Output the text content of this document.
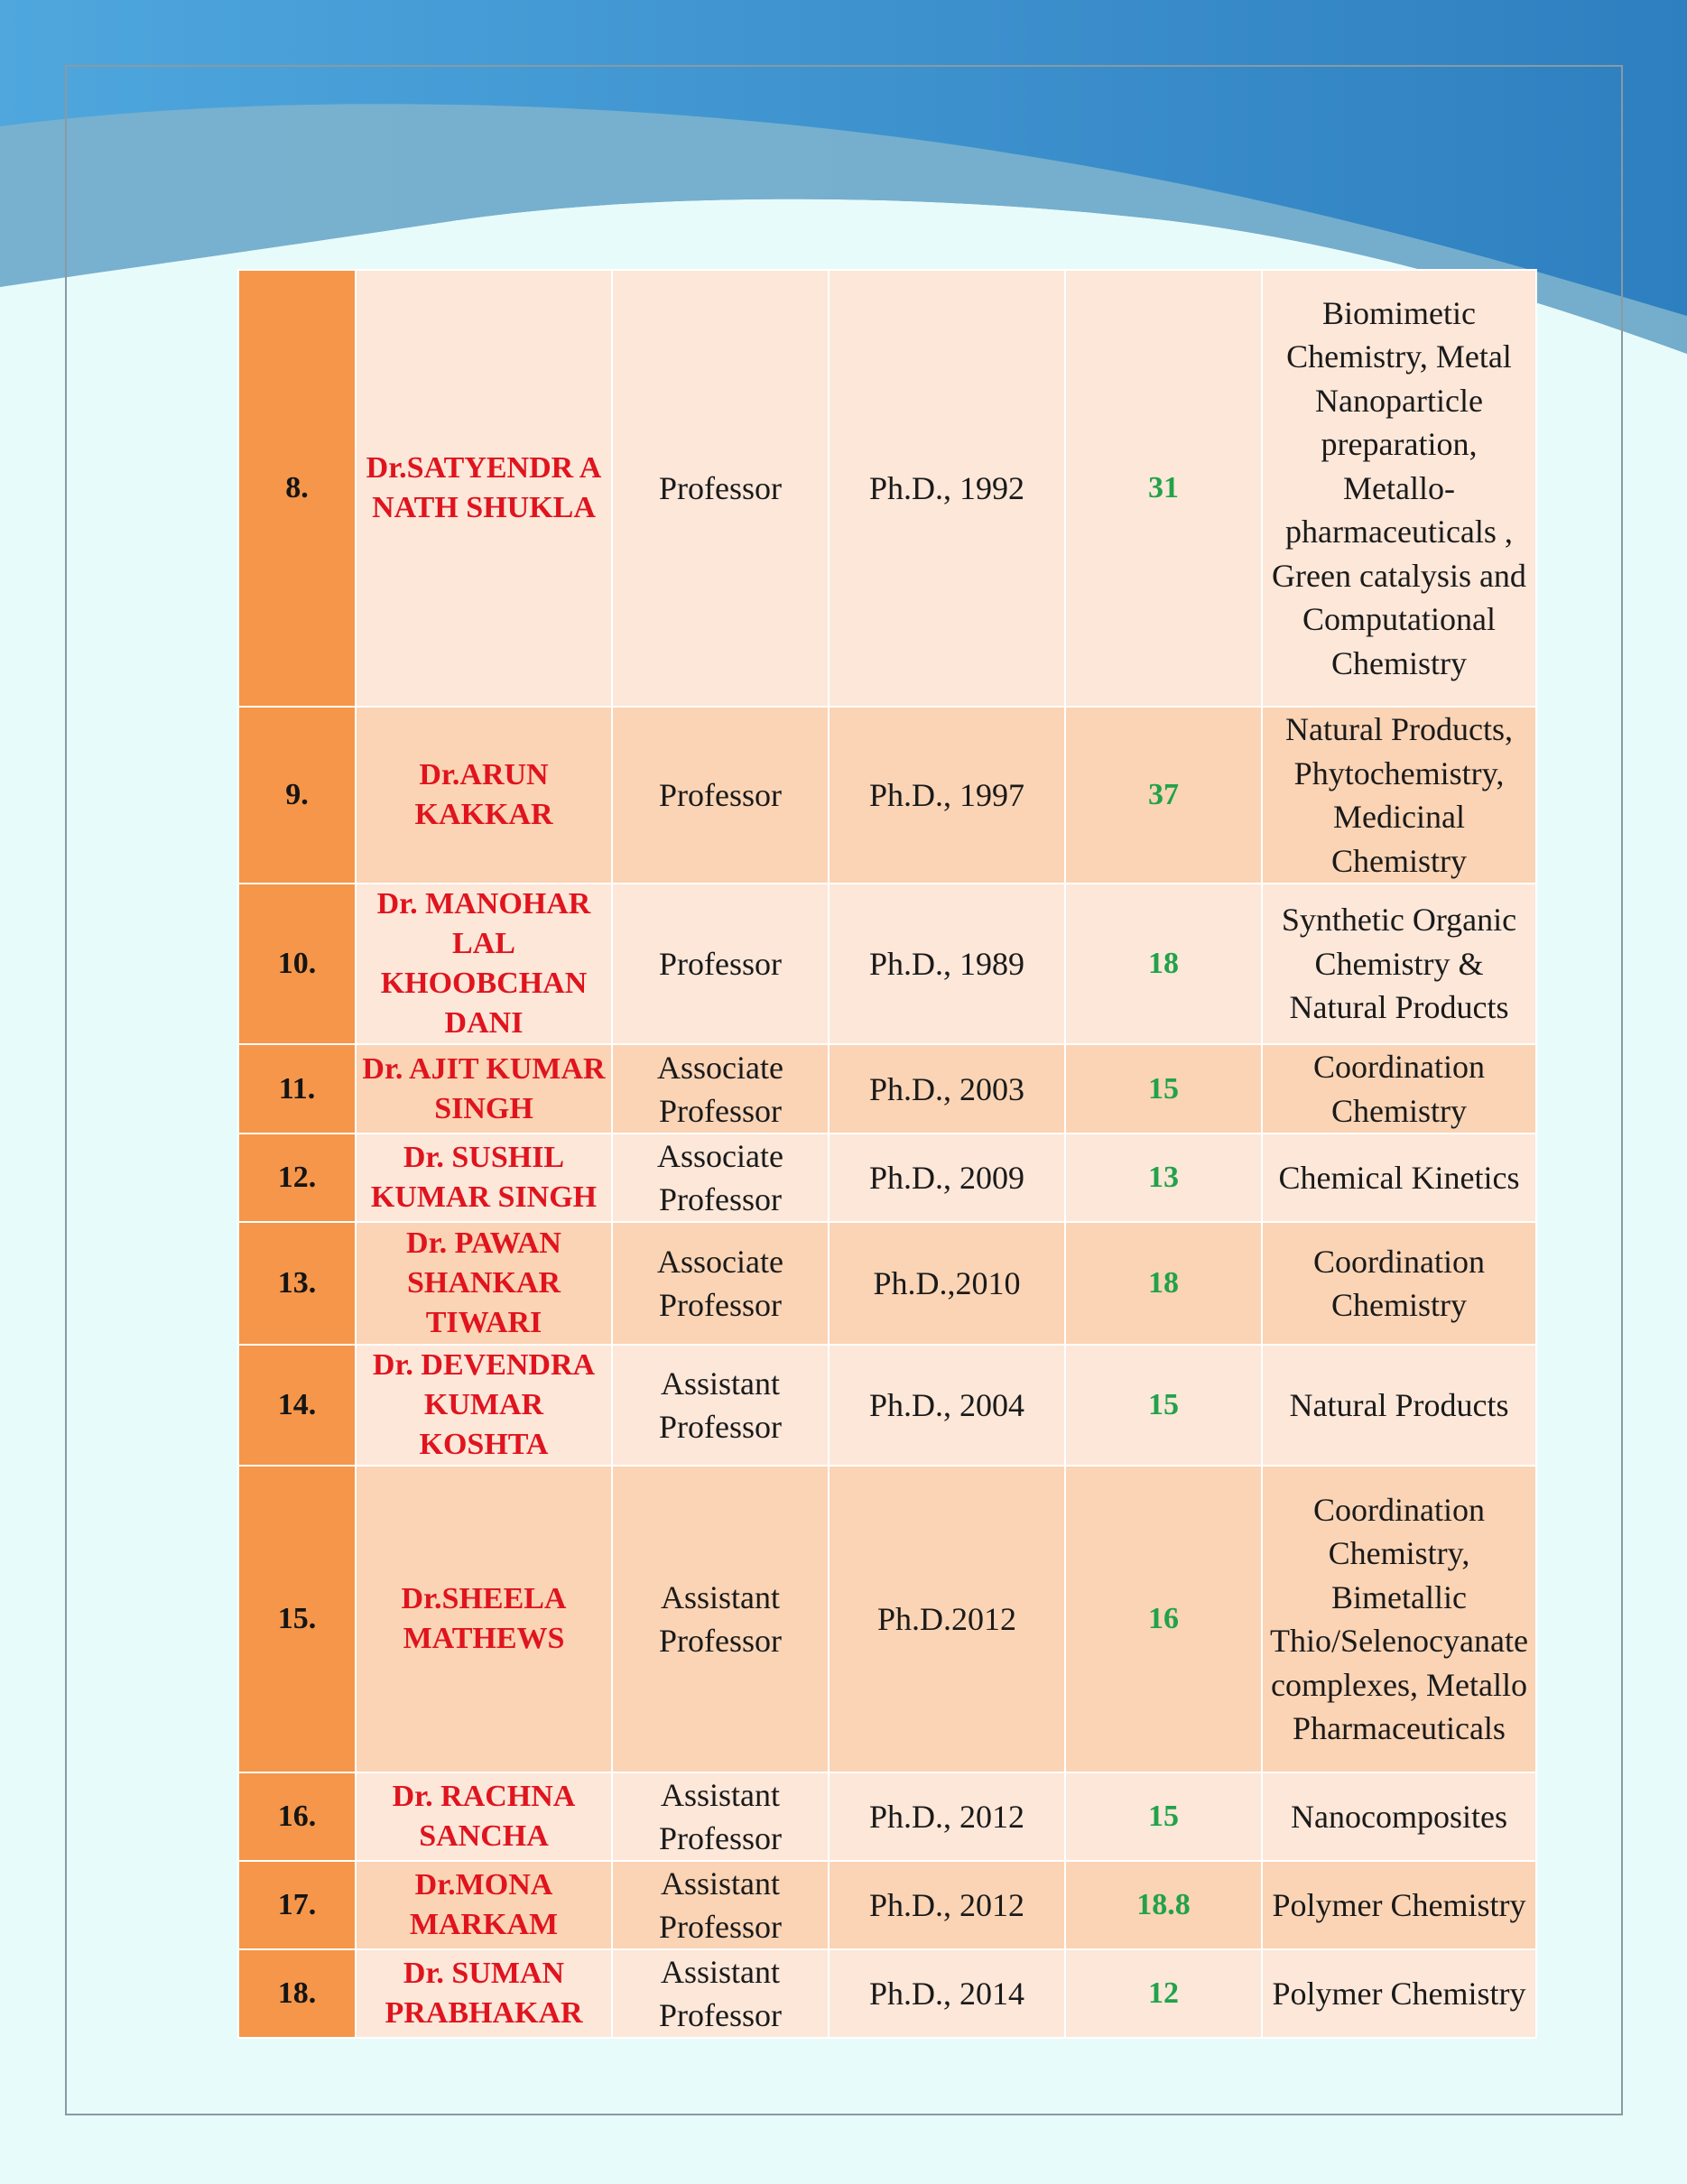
8.	Dr.SATYENDR A NATH SHUKLA	Professor	Ph.D., 1992	31	Biomimetic Chemistry, Metal Nanoparticle preparation, Metallo-pharmaceuticals , Green catalysis and Computational Chemistry
9.	Dr.ARUN KAKKAR	Professor	Ph.D., 1997	37	Natural Products, Phytochemistry, Medicinal Chemistry
10.	Dr. MANOHAR LAL KHOOBCHAN DANI	Professor	Ph.D., 1989	18	Synthetic Organic Chemistry & Natural Products
11.	Dr. AJIT KUMAR SINGH	Associate Professor	Ph.D., 2003	15	Coordination Chemistry
12.	Dr. SUSHIL KUMAR SINGH	Associate Professor	Ph.D., 2009	13	Chemical Kinetics
13.	Dr. PAWAN SHANKAR TIWARI	Associate Professor	Ph.D.,2010	18	Coordination Chemistry
14.	Dr. DEVENDRA KUMAR KOSHTA	Assistant Professor	Ph.D., 2004	15	Natural Products
15.	Dr.SHEELA MATHEWS	Assistant Professor	Ph.D.2012	16	Coordination Chemistry, Bimetallic Thio/Selenocyanate complexes, Metallo Pharmaceuticals
16.	Dr. RACHNA SANCHA	Assistant Professor	Ph.D., 2012	15	Nanocomposites
17.	Dr.MONA MARKAM	Assistant Professor	Ph.D., 2012	18.8	Polymer Chemistry
18.	Dr. SUMAN PRABHAKAR	Assistant Professor	Ph.D., 2014	12	Polymer Chemistry
